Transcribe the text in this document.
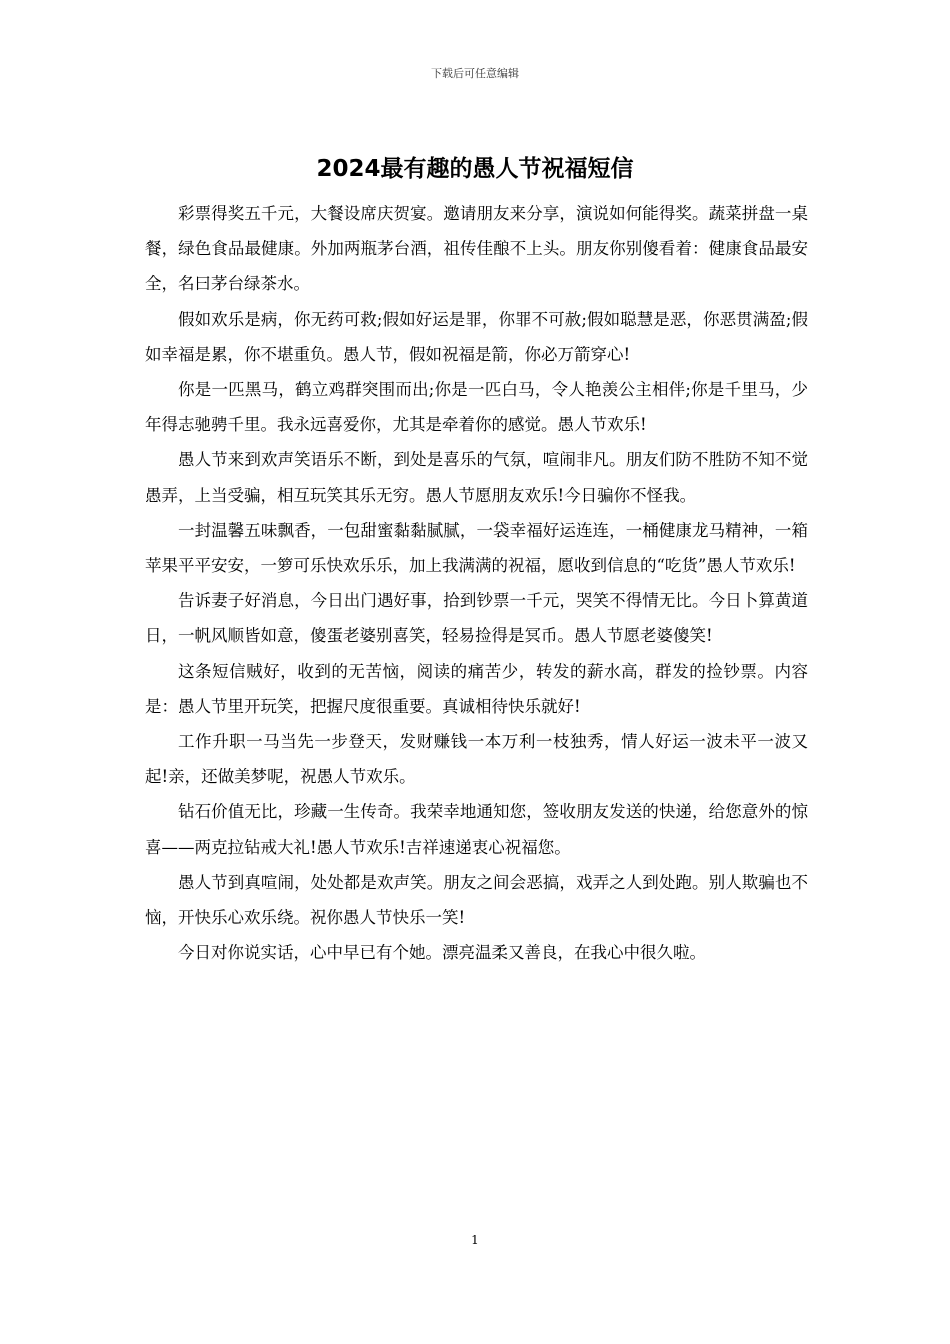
下载后可任意编辑
2024最有趣的愚人节祝福短信

彩票得奖五千元，大餐设席庆贺宴。邀请朋友来分享，演说如何能得奖。蔬菜拼盘一桌餐，绿色食品最健康。外加两瓶茅台酒，祖传佳酿不上头。朋友你别傻看着：健康食品最安全，名曰茅台绿茶水。

假如欢乐是病，你无药可救;假如好运是罪，你罪不可赦;假如聪慧是恶，你恶贯满盈;假如幸福是累，你不堪重负。愚人节，假如祝福是箭，你必万箭穿心!

你是一匹黑马，鹤立鸡群突围而出;你是一匹白马，令人艳羡公主相伴;你是千里马，少年得志驰骋千里。我永远喜爱你，尤其是牵着你的感觉。愚人节欢乐!

愚人节来到欢声笑语乐不断，到处是喜乐的气氛，喧闹非凡。朋友们防不胜防不知不觉愚弄，上当受骗，相互玩笑其乐无穷。愚人节愿朋友欢乐!今日骗你不怪我。

一封温馨五味飘香，一包甜蜜黏黏腻腻，一袋幸福好运连连，一桶健康龙马精神，一箱苹果平平安安，一箩可乐快欢乐乐，加上我满满的祝福，愿收到信息的“吃货”愚人节欢乐!

告诉妻子好消息，今日出门遇好事，拾到钞票一千元，哭笑不得情无比。今日卜算黄道日，一帆风顺皆如意，傻蛋老婆别喜笑，轻易捡得是冥币。愚人节愿老婆傻笑!

这条短信贼好，收到的无苦恼，阅读的痛苦少，转发的薪水高，群发的捡钞票。内容是：愚人节里开玩笑，把握尺度很重要。真诚相待快乐就好!

工作升职一马当先一步登天，发财赚钱一本万利一枝独秀，情人好运一波未平一波又起!亲，还做美梦呢，祝愚人节欢乐。

钻石价值无比，珍藏一生传奇。我荣幸地通知您，签收朋友发送的快递，给您意外的惊喜——两克拉钻戒大礼!愚人节欢乐!吉祥速递衷心祝福您。

愚人节到真喧闹，处处都是欢声笑。朋友之间会恶搞，戏弄之人到处跑。别人欺骗也不恼，开快乐心欢乐绕。祝你愚人节快乐一笑!

今日对你说实话，心中早已有个她。漂亮温柔又善良，在我心中很久啦。

1
